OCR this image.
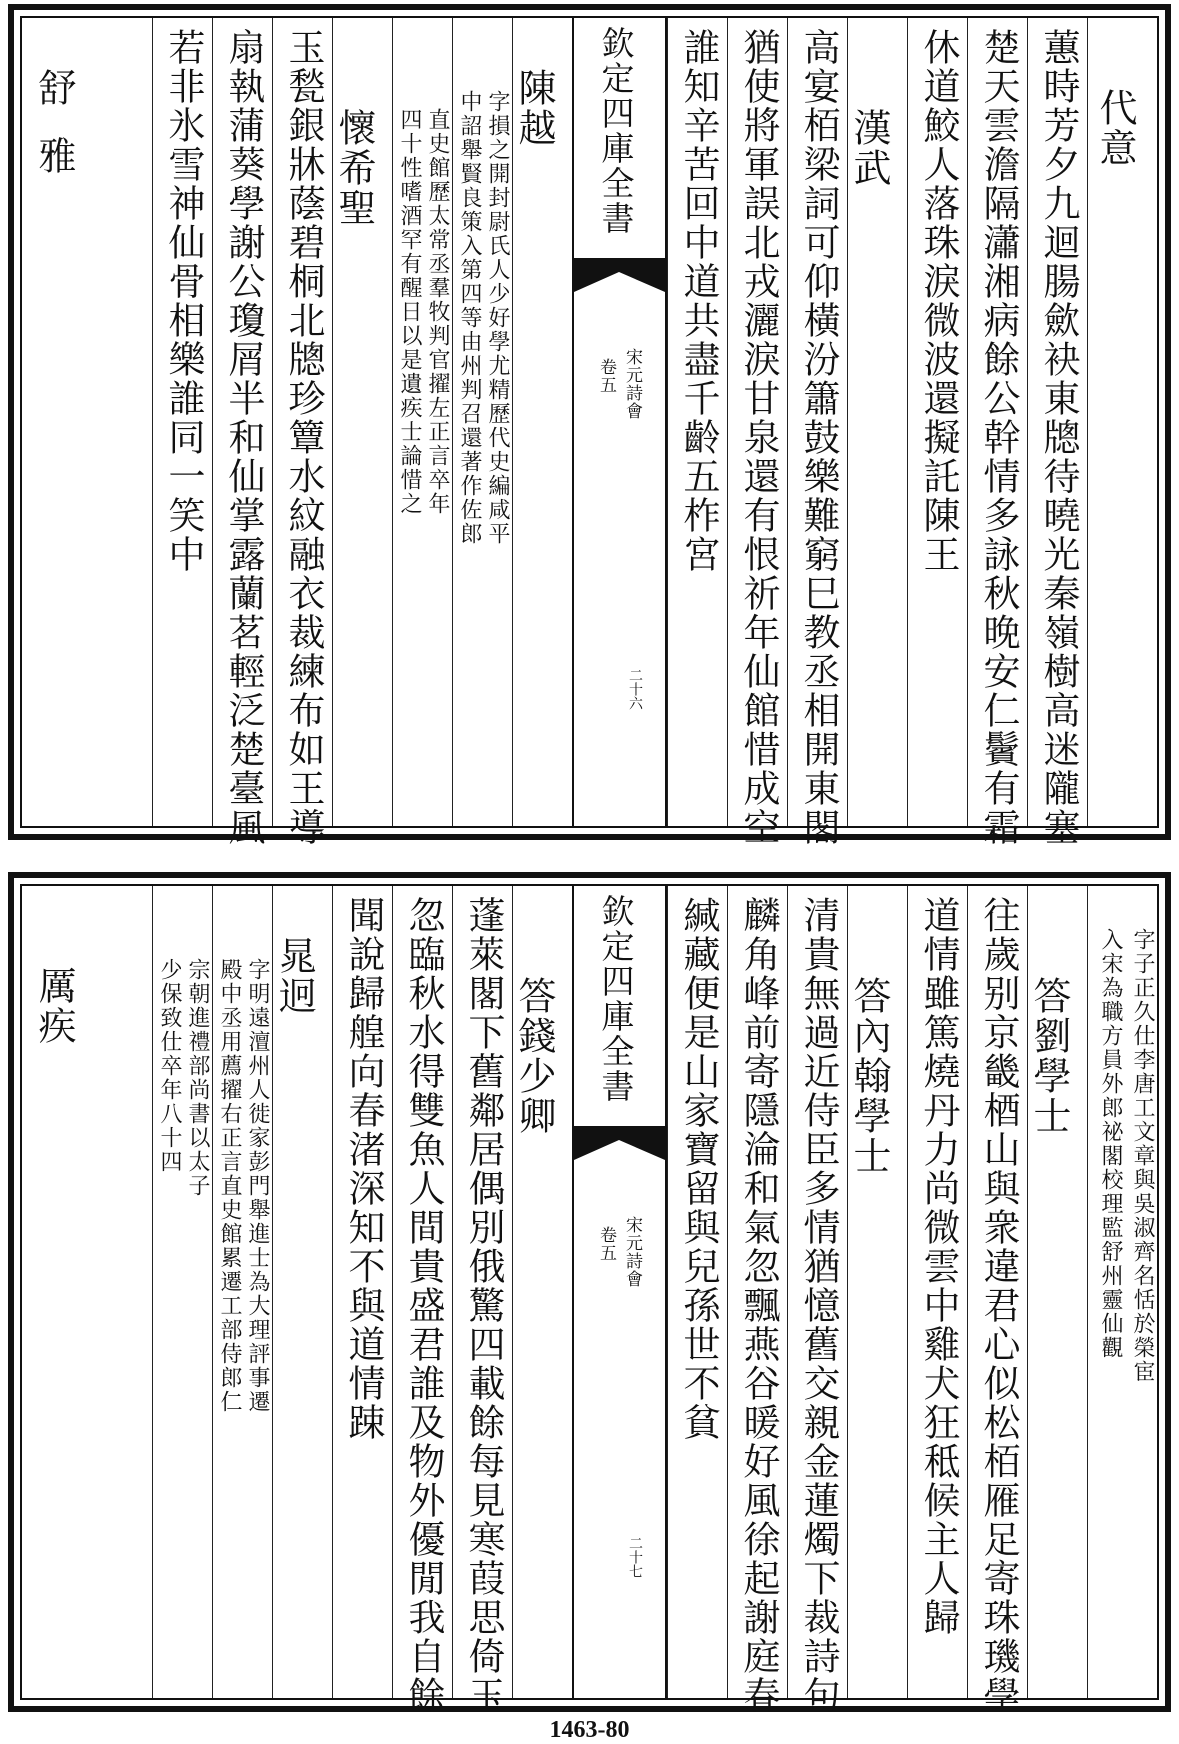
代意
蕙時芳夕九迴腸歛袂東牕待曉光秦嶺樹高迷隴塞
楚天雲澹隔瀟湘病餘公幹情多詠秋晚安仁鬢有霜
休道鮫人落珠淚微波還擬託陳王
漢武
高宴栢梁詞可仰橫汾簫鼓樂難窮巳教丞相開東閣
猶使將軍誤北戎灑淚甘泉還有恨祈年仙館惜成空
誰知辛苦回中道共盡千齡五柞宮
欽定四庫全書
宋元詩會
卷五
二十六
陳越
字損之開封尉氏人少好學尤精歷代史編咸平
中詔舉賢良策入第四等由州判召還著作佐郎
直史館歷太常丞羣牧判官擢左正言卒年
四十性嗜酒罕有醒日以是遺疾士論惜之
懷希聖
玉甃銀牀蔭碧桐北牕珍簟水紋融衣裁練布如王導
扇執蒲葵學謝公瓊屑半和仙掌露蘭茗輕泛楚臺風
若非氷雪神仙骨相樂誰同一笑中
舒雅
字子正久仕李唐工文章與吳淑齊名恬於榮宦
入宋為職方員外郎祕閣校理監舒州靈仙觀
答劉學士
往歲别京畿梄山與衆違君心似松栢雁足寄珠璣學
道情雖篤燒丹力尚微雲中雞犬狂秪候主人歸
答內翰學士
清貴無過近侍臣多情猶憶舊交親金蓮燭下裁詩句
麟角峰前寄隱淪和氣忽飄燕谷暖好風徐起謝庭春
緘藏便是山家寶留與兒孫世不貧
欽定四庫全書
宋元詩會
卷五
二十七
答錢少卿
蓬萊閣下舊鄰居偶別俄驚四載餘每見寒葭思倚玉
忽臨秋水得雙魚人間貴盛君誰及物外優閒我自餘
聞說歸艎向春渚深知不與道情踈
晁迥
字明遠澶州人徙家彭門舉進士為大理評事遷
殿中丞用薦擢右正言直史館累遷工部侍郎仁
宗朝進禮部尚書以太子
少保致仕卒年八十四
厲疾
1463-80
